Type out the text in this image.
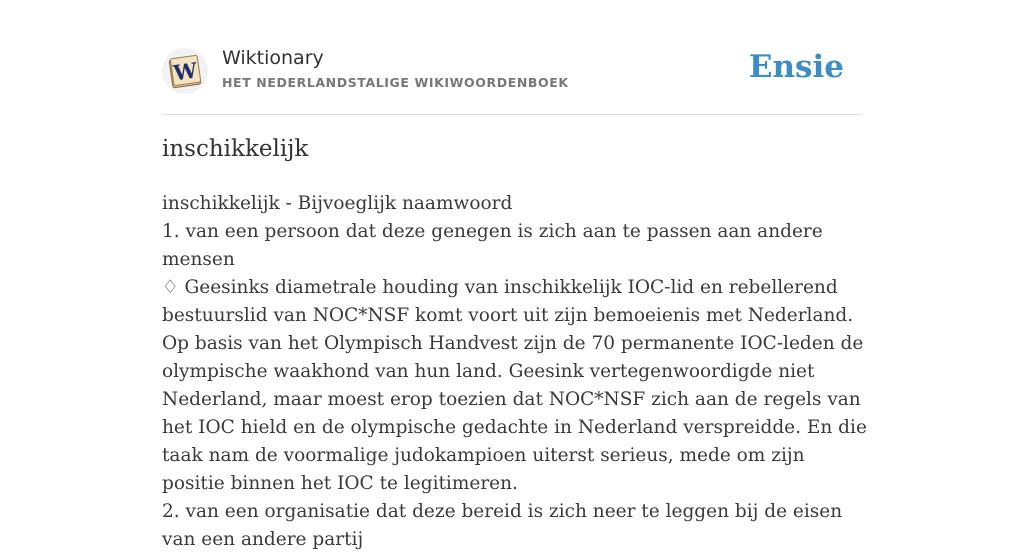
W Wiktionary
HET NEDERLANDSTALIGE WIKIWOORDENBOEK	Ensie
inschikkelijk

inschikkelijk - Bijvoeglijk naamwoord

1. van een persoon dat deze genegen is zich aan te passen aan andere mensen

♢ Geesinks diametrale houding van inschikkelijk IOC-lid en rebellerend bestuurslid van NOC*NSF komt voort uit zijn bemoeienis met Nederland. Op basis van het Olympisch Handvest zijn de 70 permanente IOC-leden de olympische waakhond van hun land. Geesink vertegenwoordigde niet Nederland, maar moest erop toezien dat NOC*NSF zich aan de regels van het IOC hield en de olympische gedachte in Nederland verspreidde. En die taak nam de voormalige judokampioen uiterst serieus, mede om zijn positie binnen het IOC te legitimeren.

2. van een organisatie dat deze bereid is zich neer te leggen bij de eisen van een andere partij
